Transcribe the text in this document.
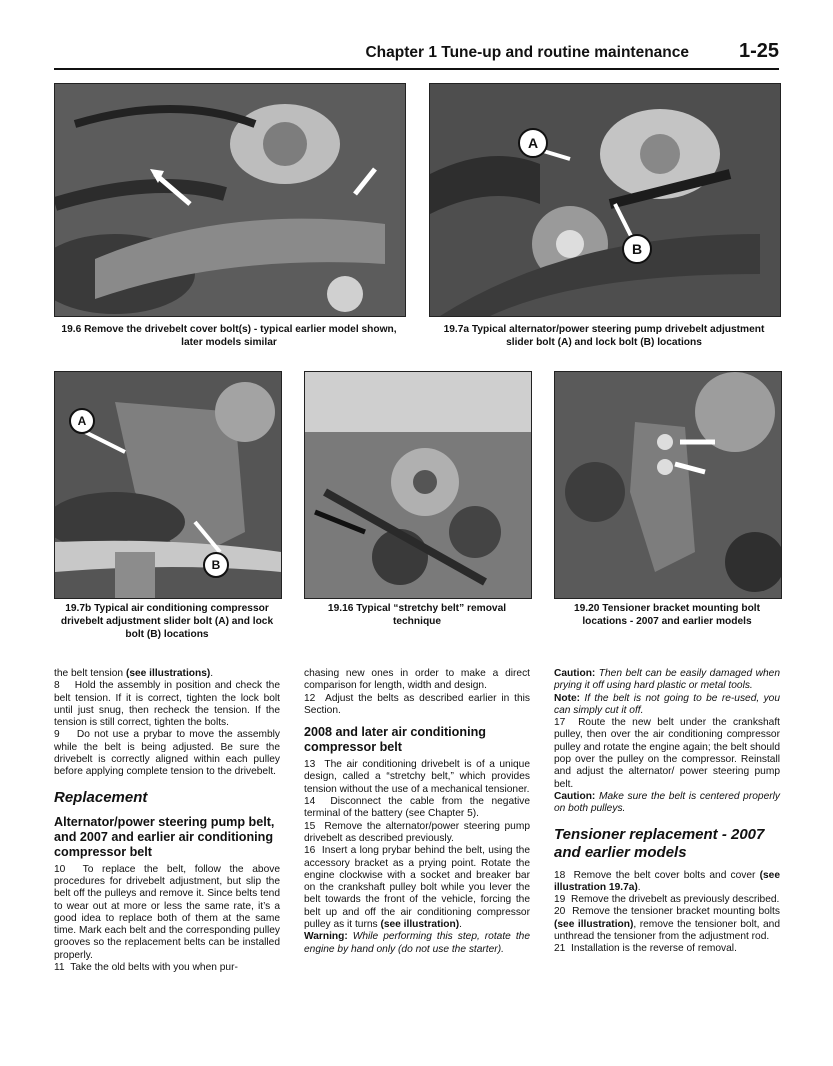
Chapter 1 Tune-up and routine maintenance 1-25
19.6 Remove the drivebelt cover bolt(s) - typical earlier model shown, later models similar
A
B
19.7a Typical alternator/power steering pump drivebelt adjustment slider bolt (A) and lock bolt (B) locations
A
B
19.7b Typical air conditioning compressor drivebelt adjustment slider bolt (A) and lock bolt (B) locations
19.16 Typical “stretchy belt” removal technique
19.20 Tensioner bracket mounting bolt locations - 2007 and earlier models

the belt tension (see illustrations).

8    Hold the assembly in position and check the belt tension. If it is correct, tighten the lock bolt until just snug, then recheck the tension. If the tension is still correct, tighten the bolts.

9    Do not use a prybar to move the assembly while the belt is being adjusted. Be sure the drivebelt is correctly aligned within each pulley before applying complete tension to the drivebelt.

Replacement
Alternator/power steering pump belt, and 2007 and earlier air conditioning compressor belt

10  To replace the belt, follow the above procedures for drivebelt adjustment, but slip the belt off the pulleys and remove it. Since belts tend to wear out at more or less the same rate, it’s a good idea to replace both of them at the same time. Mark each belt and the corresponding pulley grooves so the replacement belts can be installed properly.

11  Take the old belts with you when pur-

chasing new ones in order to make a direct comparison for length, width and design.

12  Adjust the belts as described earlier in this Section.

2008 and later air conditioning compressor belt

13  The air conditioning drivebelt is of a unique design, called a “stretchy belt,” which provides tension without the use of a mechanical tensioner.

14  Disconnect the cable from the negative terminal of the battery (see Chapter 5).

15  Remove the alternator/power steering pump drivebelt as described previously.

16  Insert a long prybar behind the belt, using the accessory bracket as a prying point. Rotate the engine clockwise with a socket and breaker bar on the crankshaft pulley bolt while you lever the belt towards the front of the vehicle, forcing the belt up and off the air conditioning compressor pulley as it turns (see illustration).

Warning: While performing this step, rotate the engine by hand only (do not use the starter).

Caution: Then belt can be easily damaged when prying it off using hard plastic or metal tools.

Note: If the belt is not going to be re-used, you can simply cut it off.

17  Route the new belt under the crankshaft pulley, then over the air conditioning compressor pulley and rotate the engine again; the belt should pop over the pulley on the compressor. Reinstall and adjust the alternator/ power steering pump belt.

Caution: Make sure the belt is centered properly on both pulleys.

Tensioner replacement - 2007 and earlier models

18  Remove the belt cover bolts and cover (see illustration 19.7a).

19  Remove the drivebelt as previously described.

20  Remove the tensioner bracket mounting bolts (see illustration), remove the tensioner bolt, and unthread the tensioner from the adjustment rod.

21  Installation is the reverse of removal.
